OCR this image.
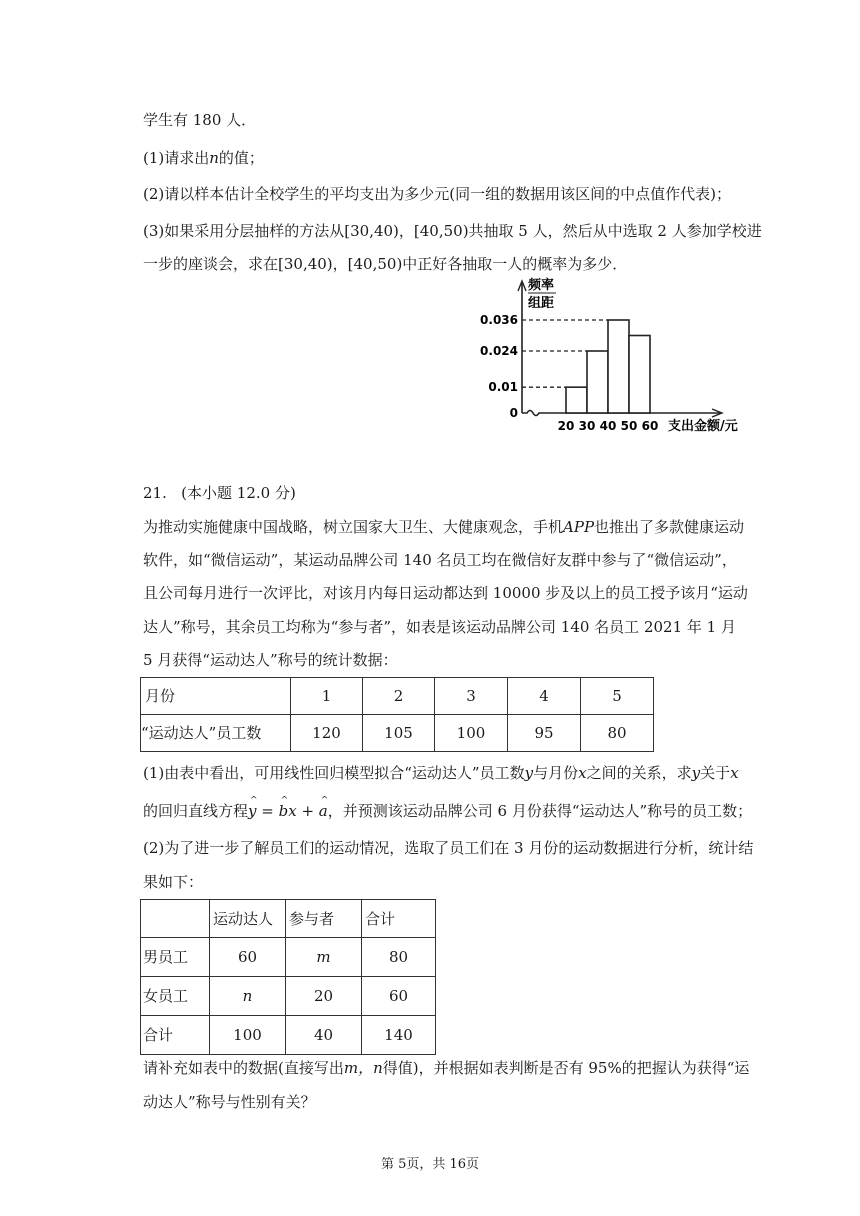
学生有 180 人．
(1)请求出n的值；
(2)请以样本估计全校学生的平均支出为多少元(同一组的数据用该区间的中点值作代表)；
(3)如果采用分层抽样的方法从[30,40)，[40,50)共抽取 5 人，然后从中选取 2 人参加学校进
一步的座谈会，求在[30,40)，[40,50)中正好各抽取一人的概率为多少．
频率
组距
0.036
0.024
0.01
0
20 30 40 50 60 支出金额/元
21. (本小题 12.0 分)
为推动实施健康中国战略，树立国家大卫生、大健康观念，手机APP也推出了多款健康运动
软件，如“微信运动”，某运动品牌公司 140 名员工均在微信好友群中参与了“微信运动”，
且公司每月进行一次评比，对该月内每日运动都达到 10000 步及以上的员工授予该月“运动
达人”称号，其余员工均称为“参与者”，如表是该运动品牌公司 140 名员工 2021 年 1 月
5 月获得“运动达人”称号的统计数据：
月份	1	2	3	4	5
“运动达人”员工数	120	105	100	95	80
(1)由表中看出，可用线性回归模型拟合“运动达人”员工数y与月份x之间的关系，求y关于x
的回归直线方程^ y = ^ bx + ^ a，并预测该运动品牌公司 6 月份获得“运动达人”称号的员工数；
(2)为了进一步了解员工们的运动情况，选取了员工们在 3 月份的运动数据进行分析，统计结
果如下：
	运动达人	参与者	合计
男员工	60	m	80
女员工	n	20	60
合计	100	40	140
请补充如表中的数据(直接写出m，n得值)，并根据如表判断是否有 95%的把握认为获得“运
动达人”称号与性别有关？
第 5页，共 16页
